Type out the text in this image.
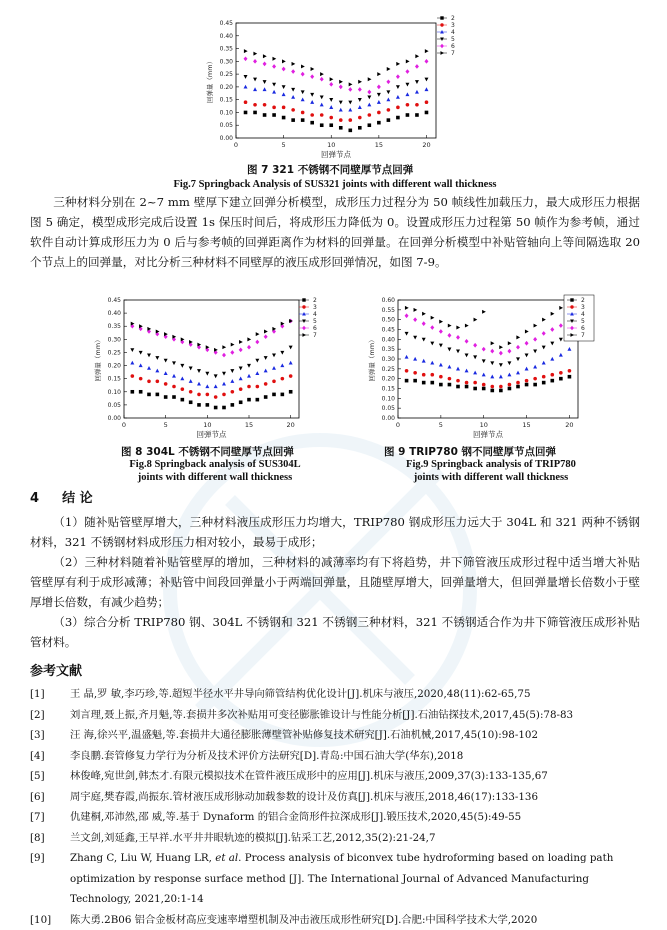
0.00
0.05
0.10
0.15
0.20
0.25
0.30
0.35
0.40
0.45
0	5	10	15	20
回弹节点
回弹量（mm）
2
3
4
5
6
7
图 7 321 不锈钢不同壁厚节点回弹
Fig.7 Springback Analysis of SUS321 joints with different wall thickness

三种材料分别在 2~7 mm 壁厚下建立回弹分析模型，成形压力过程分为 50 帧线性加载压力，最大成形压力根据图 5 确定，模型成形完成后设置 1s 保压时间后，将成形压力降低为 0。设置成形压力过程第 50 帧作为参考帧，通过软件自动计算成形压力为 0 后与参考帧的回弹距离作为材料的回弹量。在回弹分析模型中补贴管轴向上等间隔选取 20 个节点上的回弹量，对比分析三种材料不同壁厚的液压成形回弹情况，如图 7-9。

0.00
0.05
0.10
0.15
0.20
0.25
0.30
0.35
0.40
0.45
0	5	10	15	20
回弹节点
回弹量（mm）
2
3
4
5
6
7
图 8 304L 不锈钢不同壁厚节点回弹
Fig.8 Springback analysis of SUS304L
joints with different wall thickness
0.00
0.05
0.10
0.15
0.20
0.25
0.30
0.35
0.40
0.45
0.50
0.55
0.60
0	5	10	15	20
回弹节点
回弹量（mm）
2
3
4
5
6
7
图 9 TRIP780 钢不同壁厚节点回弹
Fig.9 Springback analysis of TRIP780
joints with different wall thickness
4 结 论

（1）随补贴管壁厚增大，三种材料液压成形压力均增大，TRIP780 钢成形压力远大于 304L 和 321 两种不锈钢材料，321 不锈钢材料成形压力相对较小，最易于成形；

（2）三种材料随着补贴管壁厚的增加，三种材料的减薄率均有下将趋势，井下筛管液压成形过程中适当增大补贴管壁厚有利于成形减薄；补贴管中间段回弹量小于两端回弹量，且随壁厚增大，回弹量增大，但回弹量增长倍数小于壁厚增长倍数，有减少趋势；

（3）综合分析 TRIP780 钢、304L 不锈钢和 321 不锈钢三种材料，321 不锈钢适合作为井下筛管液压成形补贴管材料。

参考文献
[1]	王 晶,罗 敏,李巧珍,等.超短半径水平井导向筛管结构优化设计[J].机床与液压,2020,48(11):62-65,75
[2]	刘言理,聂上振,齐月魁,等.套损井多次补贴用可变径膨胀锥设计与性能分析[J].石油钻探技术,2017,45(5):78-83
[3]	汪 海,徐兴平,温盛魁,等.套损井大通径膨胀薄壁管补贴修复技术研究[J].石油机械,2017,45(10):98-102
[4]	李良鹏.套管修复力学行为分析及技术评价方法研究[D].青岛:中国石油大学(华东),2018
[5]	林俊峰,宛世剑,韩杰才.有限元模拟技术在管件液压成形中的应用[J].机床与液压,2009,37(3):133-135,67
[6]	周宇庭,樊春霞,尚振东.管材液压成形脉动加载参数的设计及仿真[J].机床与液压,2018,46(17):133-136
[7]	仇建桐,邓沛然,邵 威,等.基于 Dynaform 的铝合金筒形件拉深成形[J].锻压技术,2020,45(5):49-55
[8]	兰文剑,刘延鑫,王早祥.水平井井眼轨迹的模拟[J].钻采工艺,2012,35(2):21-24,7
[9]	Zhang C, Liu W, Huang LR, et al. Process analysis of biconvex tube hydroforming based on loading path optimization by response surface method [J]. The International Journal of Advanced Manufacturing Technology, 2021,20:1-14
[10]	陈大勇.2B06 铝合金板材高应变速率增塑机制及冲击液压成形性研究[D].合肥:中国科学技术大学,2020
